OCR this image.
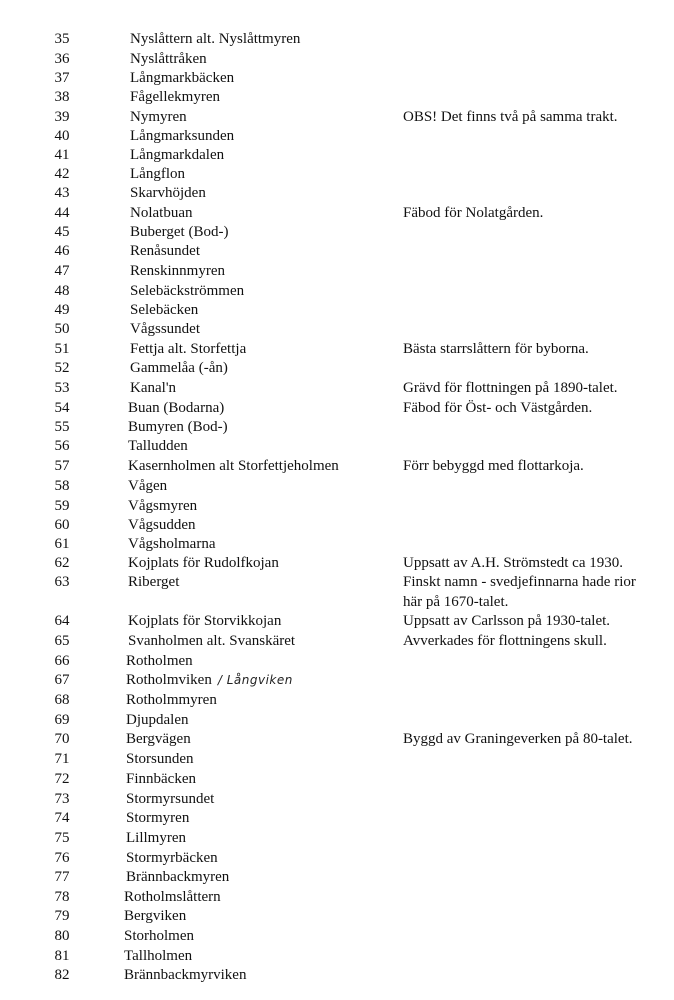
35	Nyslåttern alt. Nyslåttmyren
36	Nyslåttråken
37	Långmarkbäcken
38	Fågellekmyren
39	Nymyren	OBS! Det finns två på samma trakt.
40	Långmarksunden
41	Långmarkdalen
42	Långflon
43	Skarvhöjden
44	Nolatbuan	Fäbod för Nolatgården.
45	Buberget (Bod-)
46	Renåsundet
47	Renskinnmyren
48	Selebäckströmmen
49	Selebäcken
50	Vågssundet
51	Fettja alt. Storfettja	Bästa starrslåttern för byborna.
52	Gammelåa (-ån)
53	Kanal'n	Grävd för flottningen på 1890-talet.
54	Buan (Bodarna)	Fäbod för Öst- och Västgården.
55	Bumyren (Bod-)
56	Talludden
57	Kasernholmen alt Storfettjeholmen	Förr bebyggd med flottarkoja.
58	Vågen
59	Vågsmyren
60	Vågsudden
61	Vågsholmarna
62	Kojplats för Rudolfkojan	Uppsatt av A.H. Strömstedt ca 1930.
63	Riberget	Finskt namn - svedjefinnarna hade rior
här på 1670-talet.
64	Kojplats för Storvikkojan	Uppsatt av Carlsson på 1930-talet.
65	Svanholmen alt. Svanskäret	Avverkades för flottningens skull.
66	Rotholmen
67	Rotholmviken / Långviken
68	Rotholmmyren
69	Djupdalen
70	Bergvägen	Byggd av Graningeverken på 80-talet.
71	Storsunden
72	Finnbäcken
73	Stormyrsundet
74	Stormyren
75	Lillmyren
76	Stormyrbäcken
77	Brännbackmyren
78	Rotholmslåttern
79	Bergviken
80	Storholmen
81	Tallholmen
82	Brännbackmyrviken
